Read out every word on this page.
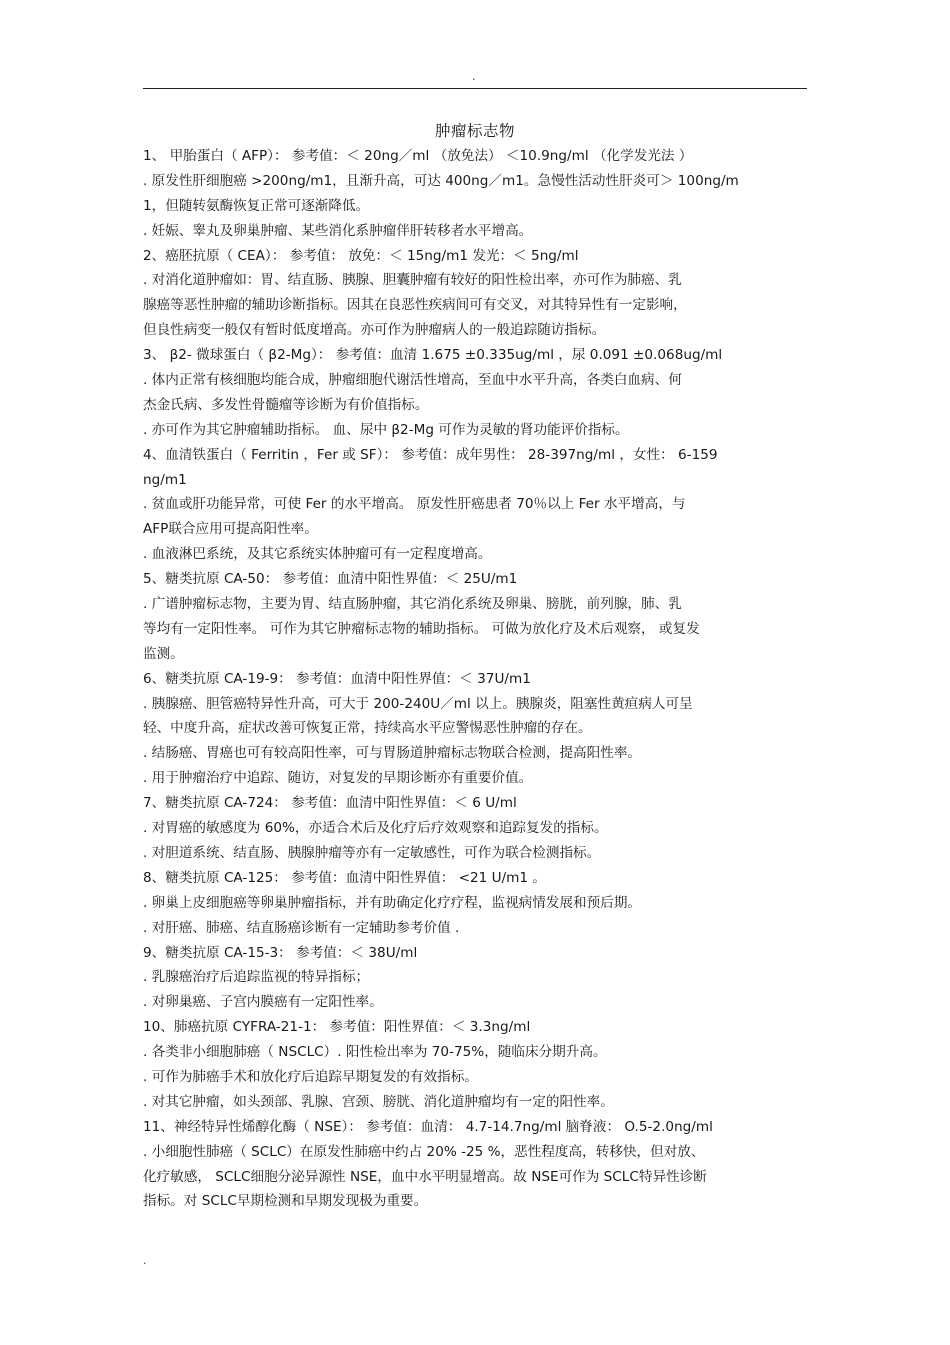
.
肿瘤标志物
1、 甲胎蛋白（ AFP）： 参考值：＜ 20ng／ml （放免法） ＜10.9ng/ml （化学发光法 ）
. 原发性肝细胞癌 >200ng/m1，且渐升高，可达 400ng／m1。急慢性活动性肝炎可＞ 100ng/m
1，但随转氨酶恢复正常可逐渐降低。
. 妊娠、睾丸及卵巢肿瘤、某些消化系肿瘤伴肝转移者水平增高。
2、癌胚抗原（ CEA）： 参考值： 放免：＜ 15ng/m1 发光：＜ 5ng/ml
. 对消化道肿瘤如：胃、结直肠、胰腺、胆囊肿瘤有较好的阳性检出率，亦可作为肺癌、乳
腺癌等恶性肿瘤的辅助诊断指标。因其在良恶性疾病间可有交叉，对其特异性有一定影响，
但良性病变一般仅有暂时低度增高。亦可作为肿瘤病人的一般追踪随访指标。
3、 β2- 微球蛋白（ β2-Mg）： 参考值：血清 1.675 ±0.335ug/ml ，尿 0.091 ±0.068ug/ml
. 体内正常有核细胞均能合成，肿瘤细胞代谢活性增高，至血中水平升高，各类白血病、何
杰金氏病、多发性骨髓瘤等诊断为有价值指标。
. 亦可作为其它肿瘤辅助指标。 血、尿中 β2-Mg 可作为灵敏的肾功能评价指标。
4、血清铁蛋白（ Ferritin ，Fer 或 SF）： 参考值：成年男性： 28-397ng/ml ，女性： 6-159
ng/m1
. 贫血或肝功能异常，可使 Fer 的水平增高。 原发性肝癌患者 70％以上 Fer 水平增高，与
AFP联合应用可提高阳性率。
. 血液淋巴系统，及其它系统实体肿瘤可有一定程度增高。
5、糖类抗原 CA-50： 参考值：血清中阳性界值：＜ 25U/m1
. 广谱肿瘤标志物，主要为胃、结直肠肿瘤，其它消化系统及卵巢、膀胱，前列腺，肺、乳
等均有一定阳性率。 可作为其它肿瘤标志物的辅助指标。 可做为放化疗及术后观察， 或复发
监测。
6、糖类抗原 CA-19-9： 参考值：血清中阳性界值：＜ 37U/m1
. 胰腺癌、胆管癌特异性升高，可大于 200-240U／ml 以上。胰腺炎，阻塞性黄疸病人可呈
轻、中度升高，症状改善可恢复正常，持续高水平应警惕恶性肿瘤的存在。
. 结肠癌、胃癌也可有较高阳性率，可与胃肠道肿瘤标志物联合检测，提高阳性率。
. 用于肿瘤治疗中追踪、随访，对复发的早期诊断亦有重要价值。
7、糖类抗原 CA-724： 参考值：血清中阳性界值：＜ 6 U/ml
. 对胃癌的敏感度为 60%，亦适合术后及化疗后疗效观察和追踪复发的指标。
. 对胆道系统、结直肠、胰腺肿瘤等亦有一定敏感性，可作为联合检测指标。
8、糖类抗原 CA-125： 参考值：血清中阳性界值： <21 U/m1 。
. 卵巢上皮细胞癌等卵巢肿瘤指标，并有助确定化疗疗程，监视病情发展和预后期。
. 对肝癌、肺癌、结直肠癌诊断有一定辅助参考价值 .
9、糖类抗原 CA-15-3： 参考值：＜ 38U/ml
. 乳腺癌治疗后追踪监视的特异指标；
. 对卵巢癌、子宫内膜癌有一定阳性率。
10、肺癌抗原 CYFRA-21-1： 参考值：阳性界值：＜ 3.3ng/ml
. 各类非小细胞肺癌（ NSCLC）. 阳性检出率为 70-75%，随临床分期升高。
. 可作为肺癌手术和放化疗后追踪早期复发的有效指标。
. 对其它肿瘤，如头颈部、乳腺、宫颈、膀胱、消化道肿瘤均有一定的阳性率。
11、神经特异性烯醇化酶（ NSE）： 参考值：血清： 4.7-14.7ng/ml 脑脊液： O.5-2.0ng/ml
. 小细胞性肺癌（ SCLC）在原发性肺癌中约占 20% -25 %，恶性程度高，转移快，但对放、
化疗敏感， SCLC细胞分泌异源性 NSE，血中水平明显增高。故 NSE可作为 SCLC特异性诊断
指标。对 SCLC早期检测和早期发现极为重要。
.
